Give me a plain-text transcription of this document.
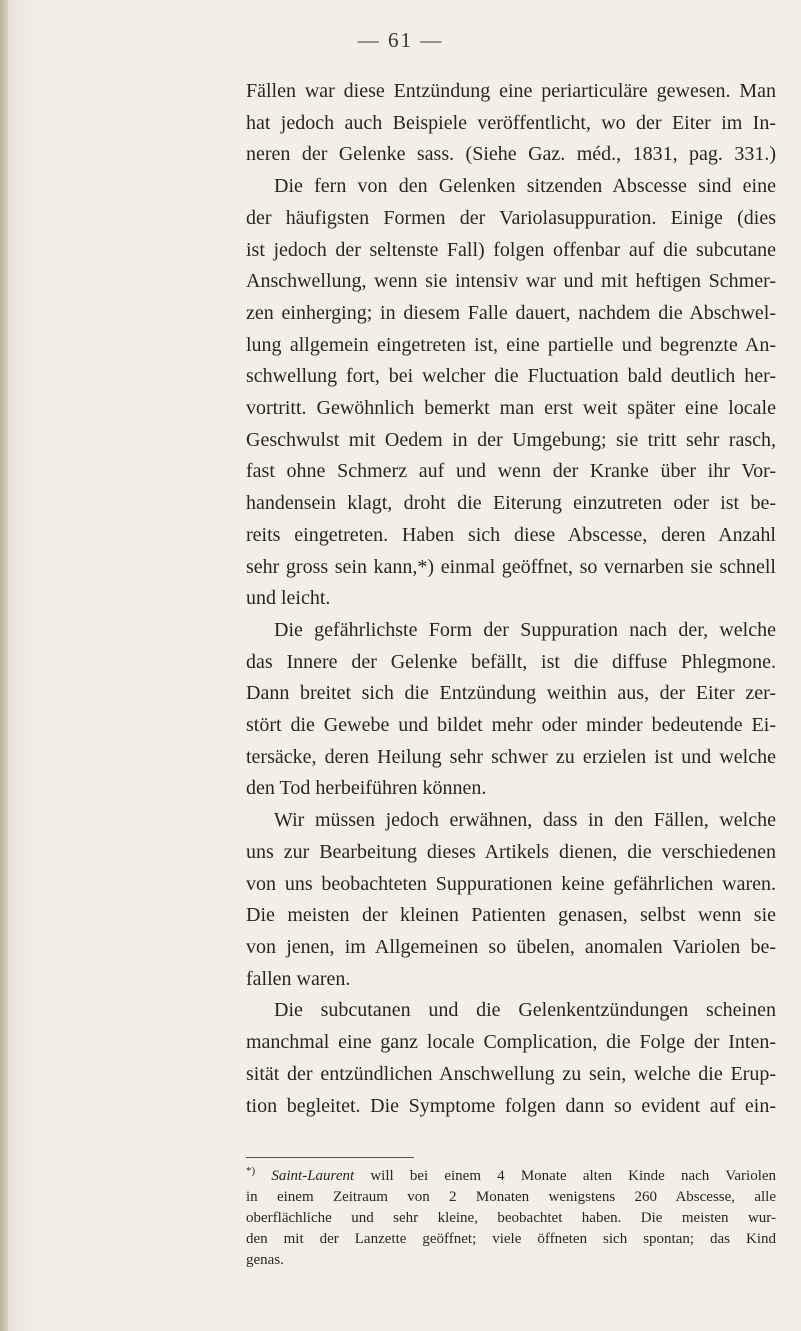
— 61 —
Fällen war diese Entzündung eine periarticuläre gewesen. Man
hat jedoch auch Beispiele veröffentlicht, wo der Eiter im In-
neren der Gelenke sass. (Siehe Gaz. méd., 1831, pag. 331.)
Die fern von den Gelenken sitzenden Abscesse sind eine
der häufigsten Formen der Variolasuppuration. Einige (dies
ist jedoch der seltenste Fall) folgen offenbar auf die subcutane
Anschwellung, wenn sie intensiv war und mit heftigen Schmer-
zen einherging; in diesem Falle dauert, nachdem die Abschwel-
lung allgemein eingetreten ist, eine partielle und begrenzte An-
schwellung fort, bei welcher die Fluctuation bald deutlich her-
vortritt. Gewöhnlich bemerkt man erst weit später eine locale
Geschwulst mit Oedem in der Umgebung; sie tritt sehr rasch,
fast ohne Schmerz auf und wenn der Kranke über ihr Vor-
handensein klagt, droht die Eiterung einzutreten oder ist be-
reits eingetreten. Haben sich diese Abscesse, deren Anzahl
sehr gross sein kann,*) einmal geöffnet, so vernarben sie schnell
und leicht.
Die gefährlichste Form der Suppuration nach der, welche
das Innere der Gelenke befällt, ist die diffuse Phlegmone.
Dann breitet sich die Entzündung weithin aus, der Eiter zer-
stört die Gewebe und bildet mehr oder minder bedeutende Ei-
tersäcke, deren Heilung sehr schwer zu erzielen ist und welche
den Tod herbeiführen können.
Wir müssen jedoch erwähnen, dass in den Fällen, welche
uns zur Bearbeitung dieses Artikels dienen, die verschiedenen
von uns beobachteten Suppurationen keine gefährlichen waren.
Die meisten der kleinen Patienten genasen, selbst wenn sie
von jenen, im Allgemeinen so übelen, anomalen Variolen be-
fallen waren.
Die subcutanen und die Gelenkentzündungen scheinen
manchmal eine ganz locale Complication, die Folge der Inten-
sität der entzündlichen Anschwellung zu sein, welche die Erup-
tion begleitet. Die Symptome folgen dann so evident auf ein-
*) Saint-Laurent will bei einem 4 Monate alten Kinde nach Variolen
in einem Zeitraum von 2 Monaten wenigstens 260 Abscesse, alle
oberflächliche und sehr kleine, beobachtet haben. Die meisten wur-
den mit der Lanzette geöffnet; viele öffneten sich spontan; das Kind
genas.
